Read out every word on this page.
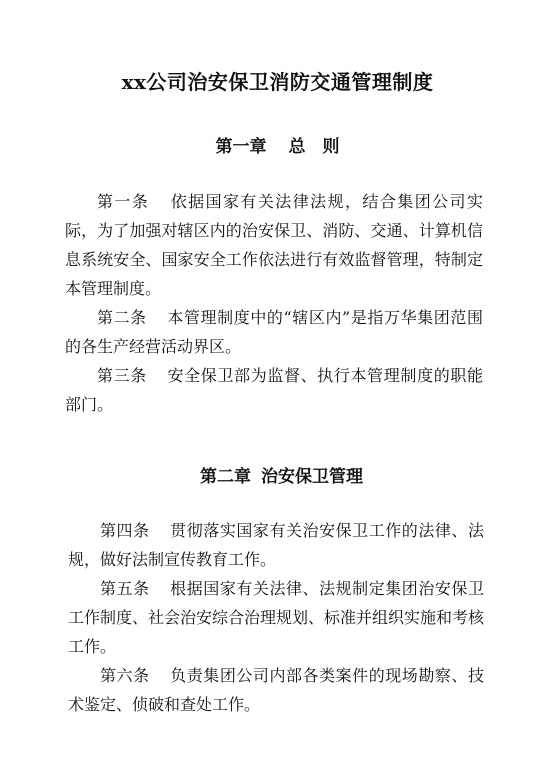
xx公司治安保卫消防交通管理制度
第一章 总　则

第一条 依据国家有关法律法规，结合集团公司实际，为了加强对辖区内的治安保卫、消防、交通、计算机信息系统安全、国家安全工作依法进行有效监督管理，特制定本管理制度。

第二条 本管理制度中的“辖区内”是指万华集团范围的各生产经营活动界区。

第三条 安全保卫部为监督、执行本管理制度的职能部门。

第二章 治安保卫管理

第四条 贯彻落实国家有关治安保卫工作的法律、法规，做好法制宣传教育工作。

第五条 根据国家有关法律、法规制定集团治安保卫工作制度、社会治安综合治理规划、标准并组织实施和考核工作。

第六条 负责集团公司内部各类案件的现场勘察、技术鉴定、侦破和查处工作。
